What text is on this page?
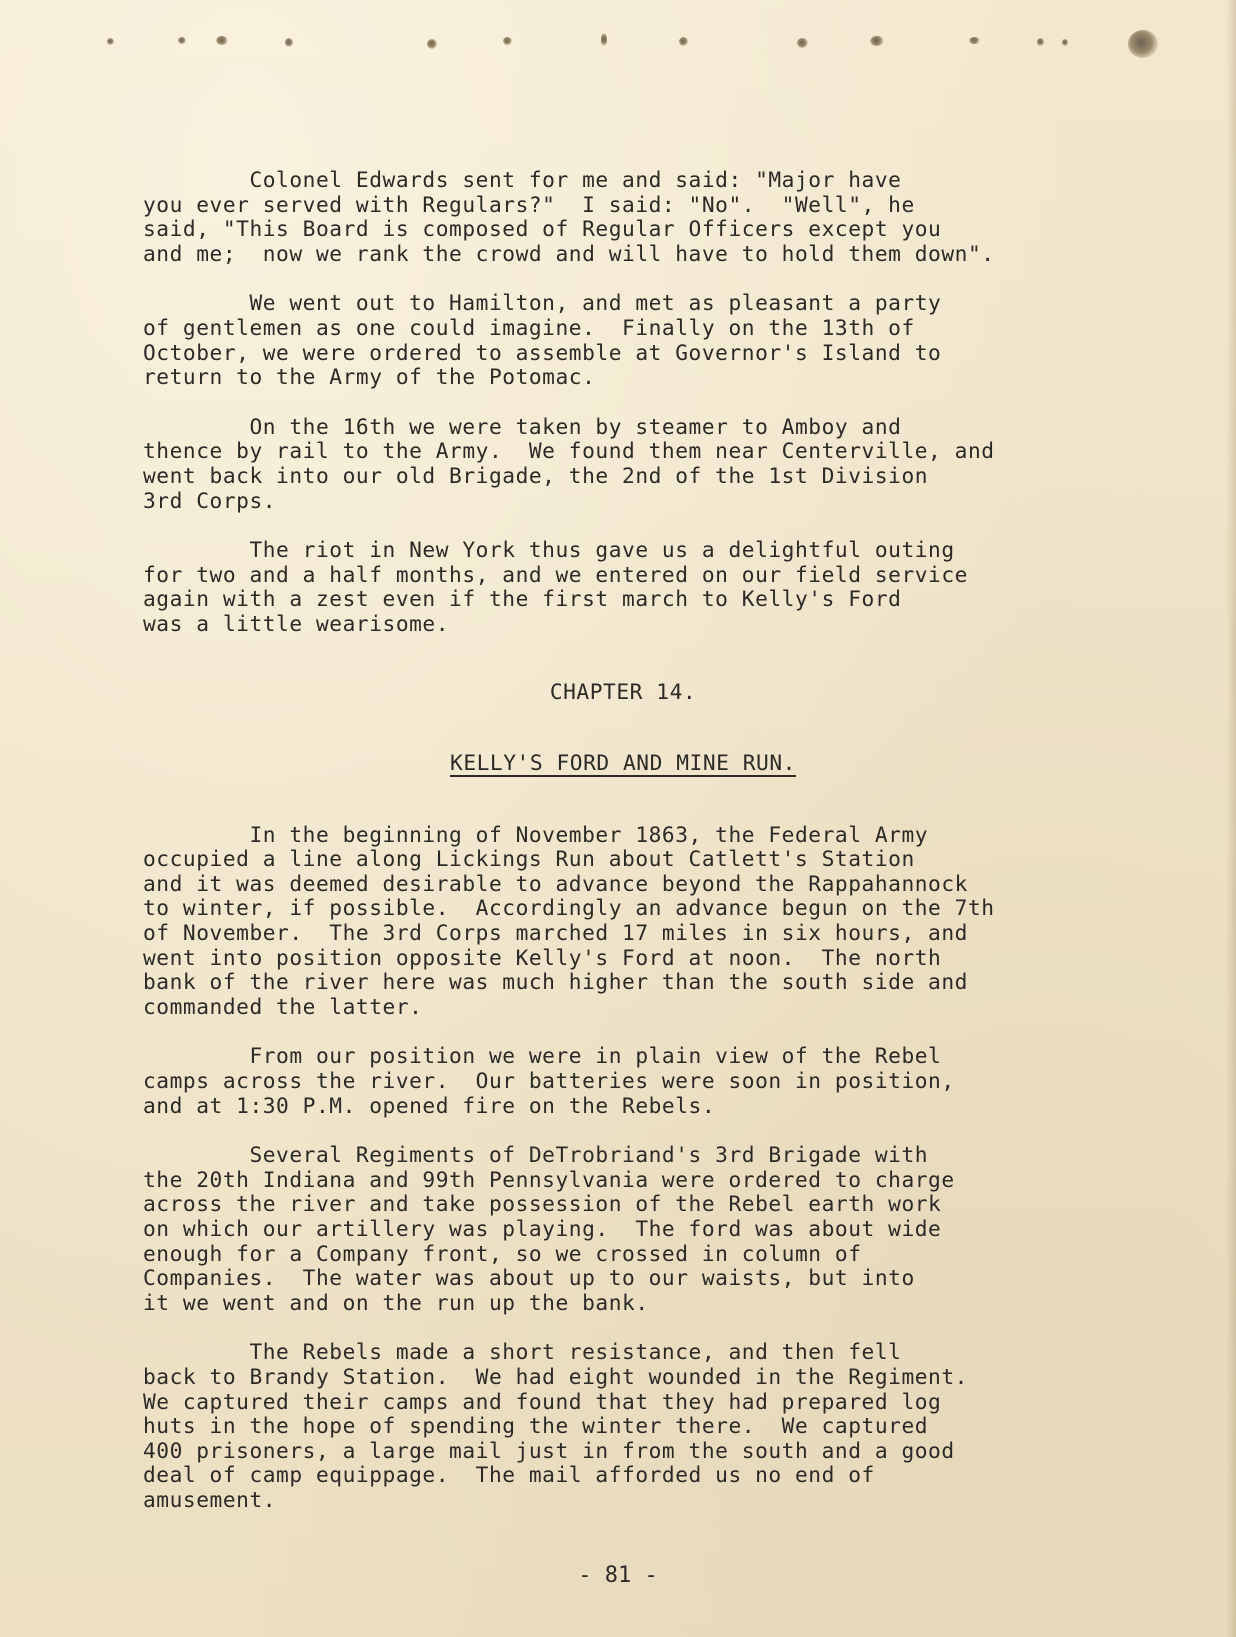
Colonel Edwards sent for me and said: "Major have
you ever served with Regulars?"  I said: "No".  "Well", he
said, "This Board is composed of Regular Officers except you
and me;  now we rank the crowd and will have to hold them down".

We went out to Hamilton, and met as pleasant a party
of gentlemen as one could imagine.  Finally on the 13th of
October, we were ordered to assemble at Governor's Island to
return to the Army of the Potomac.

On the 16th we were taken by steamer to Amboy and
thence by rail to the Army.  We found them near Centerville, and
went back into our old Brigade, the 2nd of the 1st Division
3rd Corps.

The riot in New York thus gave us a delightful outing
for two and a half months, and we entered on our field service
again with a zest even if the first march to Kelly's Ford
was a little wearisome.

CHAPTER 14.

KELLY'S FORD AND MINE RUN.

In the beginning of November 1863, the Federal Army
occupied a line along Lickings Run about Catlett's Station
and it was deemed desirable to advance beyond the Rappahannock
to winter, if possible.  Accordingly an advance begun on the 7th
of November.  The 3rd Corps marched 17 miles in six hours, and
went into position opposite Kelly's Ford at noon.  The north
bank of the river here was much higher than the south side and
commanded the latter.

From our position we were in plain view of the Rebel
camps across the river.  Our batteries were soon in position,
and at 1:30 P.M. opened fire on the Rebels.

Several Regiments of DeTrobriand's 3rd Brigade with
the 20th Indiana and 99th Pennsylvania were ordered to charge
across the river and take possession of the Rebel earth work
on which our artillery was playing.  The ford was about wide
enough for a Company front, so we crossed in column of
Companies.  The water was about up to our waists, but into
it we went and on the run up the bank.

The Rebels made a short resistance, and then fell
back to Brandy Station.  We had eight wounded in the Regiment.
We captured their camps and found that they had prepared log
huts in the hope of spending the winter there.  We captured
400 prisoners, a large mail just in from the south and a good
deal of camp equippage.  The mail afforded us no end of
amusement.

- 81 -
